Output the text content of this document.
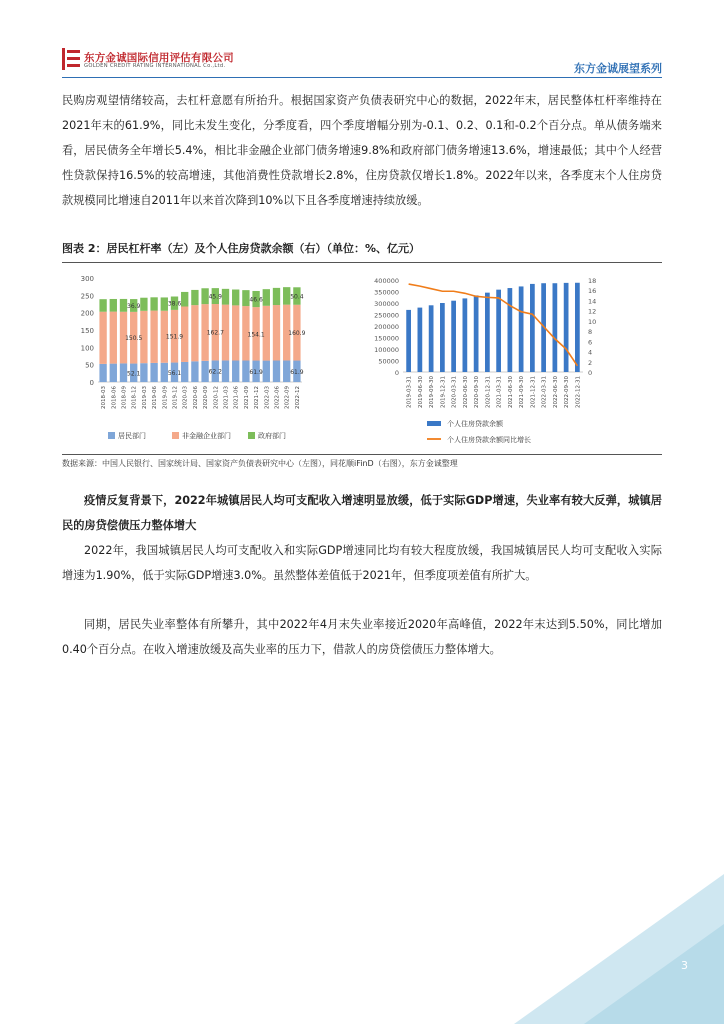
东方金诚国际信用评估有限公司
GOLDEN CREDIT RATING INTERNATIONAL Co.,Ltd.	东方金诚展望系列
民购房观望情绪较高，去杠杆意愿有所抬升。根据国家资产负债表研究中心的数据，2022年末，居民整体杠杆率维持在2021年末的61.9%，同比未发生变化，分季度看，四个季度增幅分别为-0.1、0.2、0.1和-0.2个百分点。单从债务端来看，居民债务全年增长5.4%，相比非金融企业部门债务增速9.8%和政府部门债务增速13.6%，增速最低；其中个人经营性贷款保持16.5%的较高增速，其他消费性贷款增长2.8%，住房贷款仅增长1.8%。2022年以来，各季度末个人住房贷款规模同比增速自2011年以来首次降到10%以下且各季度增速持续放缓。
图表 2：居民杠杆率（左）及个人住房贷款余额（右）（单位：%、亿元）
0
50
100
150
200
250
300
2018-03 2018-06 2018-09 2018-12 2019-03 2019-06 2019-09 2019-12 2020-03 2020-06 2020-09 2020-12 2021-03 2021-06 2021-09 2021-12 2022-03 2022-06 2022-09 2022-12
52.1
150.5
36.9
56.1
151.9
38.6
62.2
162.7
45.9
61.9
154.1
46.6
61.9
160.9
50.4
居民部门	非金融企业部门	政府部门
0
50000
100000
150000
200000
250000
300000
350000
400000
0
2
4
6
8
10
12
14
16
18
2019-03-31 2019-06-30 2019-09-30 2019-12-31 2020-03-31 2020-06-30 2020-09-30 2020-12-31 2021-03-31 2021-06-30 2021-09-30 2021-12-31 2022-03-31 2022-06-30 2022-09-30 2022-12-31
个人住房贷款余额
个人住房贷款余额同比增长
数据来源：中国人民银行、国家统计局、国家资产负债表研究中心（左图），同花顺iFinD（右图），东方金诚整理
疫情反复背景下，2022年城镇居民人均可支配收入增速明显放缓，低于实际GDP增速，失业率有较大反弹，城镇居民的房贷偿债压力整体增大
2022年，我国城镇居民人均可支配收入和实际GDP增速同比均有较大程度放缓，我国城镇居民人均可支配收入实际增速为1.90%，低于实际GDP增速3.0%。虽然整体差值低于2021年，但季度项差值有所扩大。
同期，居民失业率整体有所攀升，其中2022年4月末失业率接近2020年高峰值，2022年末达到5.50%，同比增加0.40个百分点。在收入增速放缓及高失业率的压力下，借款人的房贷偿债压力整体增大。
3
